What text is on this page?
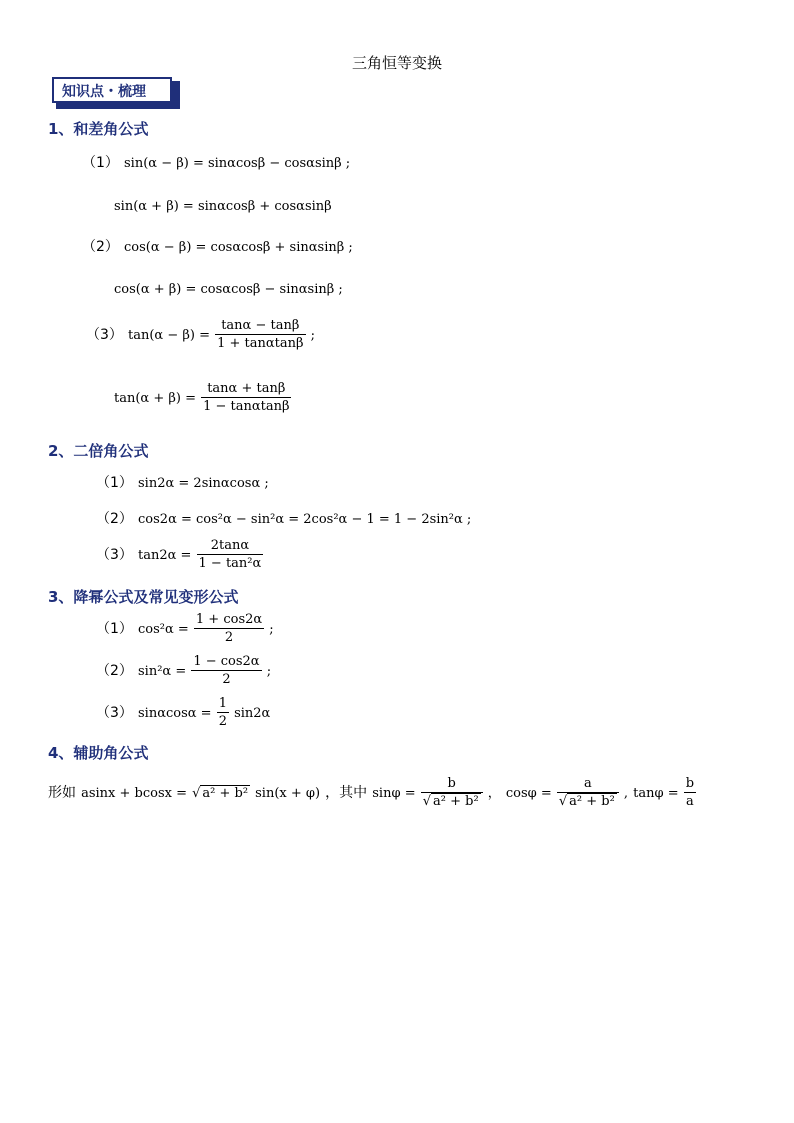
三角恒等变换
知识点・梳理
1、和差角公式
（1） sin(α − β) = sinαcosβ − cosαsinβ ;
sin(α + β) = sinαcosβ + cosαsinβ
（2） cos(α − β) = cosαcosβ + sinαsinβ ;
cos(α + β) = cosαcosβ − sinαsinβ ;
（3） $\tan(\alpha - \beta) = \frac{\tan\alpha - \tan\beta}{1 + \tan\alpha\tan\beta}$ ;
$\tan(\alpha + \beta) = \frac{\tan\alpha + \tan\beta}{1 - \tan\alpha\tan\beta}$
2、二倍角公式
（1） sin2α = 2sinαcosα ;
（2） cos2α = cos²α − sin²α = 2cos²α − 1 = 1 − 2sin²α ;
（3） $\tan 2\alpha = \frac{2\tan\alpha}{\text{1 − tan²α}}$
3、降幂公式及常见变形公式
（1） $\cos^2\alpha = \frac{1 + \cos 2\alpha}{2}$ ;
（2） $\sin^2\alpha = \frac{1 - \cos 2\alpha}{2}$ ;
（3） $\sin\alpha\cos\alpha = \frac{1}{2} \sin 2\alpha$
4、辅助角公式
形如 asinx + bcosx = √ a² + b² sin(x + φ) ，其中 $\sin\varphi = \frac{b}{\text{√ a² + b²}}$ ， $\cos\varphi = \frac{a}{\text{√ a² + b²}}$ , $\tan\varphi = \frac{b}{a}$
